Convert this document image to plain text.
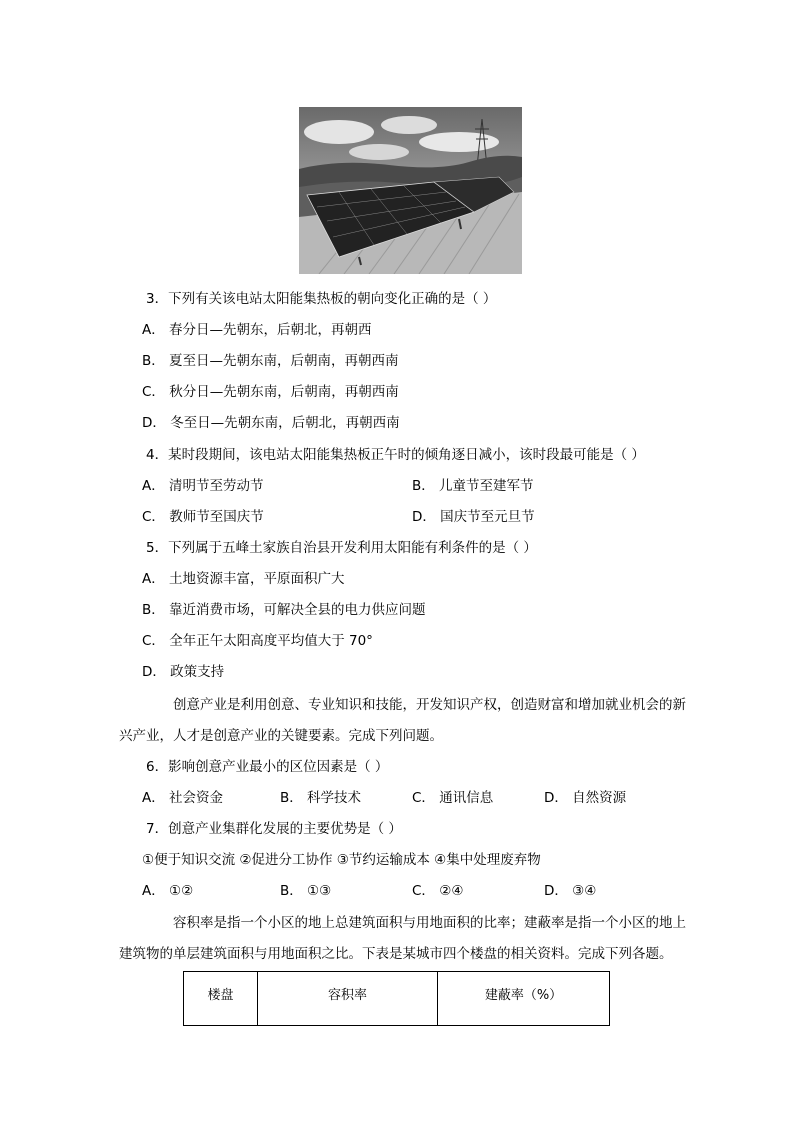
3．下列有关该电站太阳能集热板的朝向变化正确的是（ ）
A． 春分日—先朝东，后朝北，再朝西
B． 夏至日—先朝东南，后朝南，再朝西南
C． 秋分日—先朝东南，后朝南，再朝西南
D． 冬至日—先朝东南，后朝北，再朝西南
4．某时段期间，该电站太阳能集热板正午时的倾角逐日减小，该时段最可能是（ ）
A． 清明节至劳动节	B． 儿童节至建军节
C． 教师节至国庆节	D． 国庆节至元旦节
5．下列属于五峰土家族自治县开发利用太阳能有利条件的是（ ）
A． 土地资源丰富，平原面积广大
B． 靠近消费市场，可解决全县的电力供应问题
C． 全年正午太阳高度平均值大于 70°
D． 政策支持
创意产业是利用创意、专业知识和技能，开发知识产权，创造财富和增加就业机会的新
兴产业，人才是创意产业的关键要素。完成下列问题。
6．影响创意产业最小的区位因素是（ ）
A． 社会资金	B． 科学技术	C． 通讯信息	D． 自然资源
7．创意产业集群化发展的主要优势是（ ）
①便于知识交流 ②促进分工协作 ③节约运输成本 ④集中处理废弃物
A． ①②	B． ①③	C． ②④	D． ③④
容积率是指一个小区的地上总建筑面积与用地面积的比率；建蔽率是指一个小区的地上
建筑物的单层建筑面积与用地面积之比。下表是某城市四个楼盘的相关资料。完成下列各题。
楼盘	容积率	建蔽率（%）
